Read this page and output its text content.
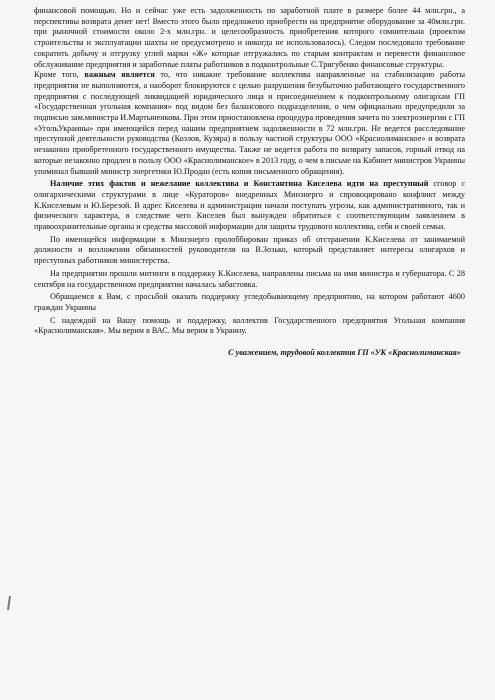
финансовой помощью. Но и сейчас уже есть задолженность по заработной плате в размере более 44 млн.грн., а перспективы возврата денег нет! Вместо этого было предложено приобрести на предприятие оборудование за 40млн.грн. при рыночной стоимости около 2-х млн.грн. и целесообразность приобретения которого сомнительна (проектом строительства и эксплуатации шахты не предусмотрено и никогда не использовалось). Следом последовало требование сократить добычу и отгрузку углей марки «Ж» которые отгружались по старым контрактам и перевести финансовое обслуживание предприятия и заработные платы работников в подконтрольные С.Тригубенко финансовые структуры.

Кроме того, важным является то, что никакие требование коллектива направленные на стабилизацию работы предприятия не выполняются, а наоборот блокируются с целью разрушения безубыточно работающего государственного предприятия с последующей ликвидацией юридического лица и присоединением к подконтрольному олигархам ГП «Государственная угольная компания» под видом без балансового подразделения, о чем официально предупредили за подписью зам.министра И.Мартыненкова. При этом приостановлена процедура проведения зачета по электроэнергии с ГП «УгольУкраины» при имеющейся перед нашим предприятием задолженности в 72 млн.грн. Не ведется расследование преступной деятельности руководства (Козлов, Кузяра) в пользу частной структуры ООО «Краснолиманское» и возврата незаконно приобретенного государственного имущества. Также не ведется работа по возврату запасов, горный отвод на которые незаконно продлен в пользу ООО «Краснолиманское» в 2013 году, о чем в письме на Кабинет министров Украины упоминал бывший министр энергетики Ю.Продан (есть копия письменного обращения).

Наличие этих фактов и нежелание коллектива и Константина Киселева идти на преступный сговор с олигархическими структурами в лице «Кураторов» внедренных Минэнерго и спровоцировано конфликт между К.Киселевым и Ю.Березой. В адрес Киселева и администрации начали поступать угрозы, как административного, так и физического характера, в следствие чего Киселев был вынужден обратиться с соответствующим заявлением в правоохранительные органы и средства массовой информации для защиты трудового коллектива, себя и своей семьи.

По имеющейся информации в Минэнерго пролоббирован приказ об отстранении К.Киселева от занимаемой должности и возложении обязанностей руководителя на В.Зозько, который представляет интересы олигархов и преступных работников министерства.

На предприятии прошли митинги в поддержку К.Киселева, направлены письма на имя министра и губернатора. С 28 сентября на государственном предприятии началась забастовка.

Обращаемся к Вам, с просьбой оказать поддержку угледобывающему предприятию, на котором работают 4600 граждан Украины

С надеждой на Вашу помощь и поддержку, коллектив Государственного предприятия Угольная компания «Краснолиманская». Мы верим в ВАС. Мы верим в Украину.

С уважением, трудовой коллектив ГП «УК «Краснолиманская»
